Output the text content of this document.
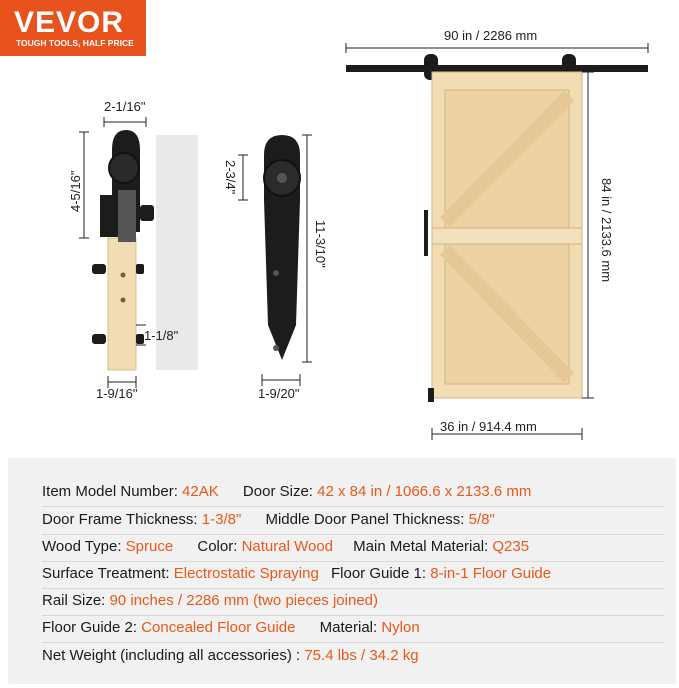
VEVOR
TOUGH TOOLS, HALF PRICE
2-1/16"
4-5/16"
1-1/8"
1-9/16"
2-3/4"
11-3/10"
1-9/20"
90 in / 2286 mm
84 in / 2133.6 mm
36 in / 914.4 mm
Item Model Number: 42AK Door Size: 42 x 84 in / 1066.6 x 2133.6 mm
Door Frame Thickness: 1-3/8" Middle Door Panel Thickness: 5/8"
Wood Type: Spruce Color: Natural Wood Main Metal Material: Q235
Surface Treatment: Electrostatic Spraying Floor Guide 1: 8-in-1 Floor Guide
Rail Size: 90 inches / 2286 mm (two pieces joined)
Floor Guide 2: Concealed Floor Guide Material: Nylon
Net Weight (including all accessories) : 75.4 lbs / 34.2 kg
